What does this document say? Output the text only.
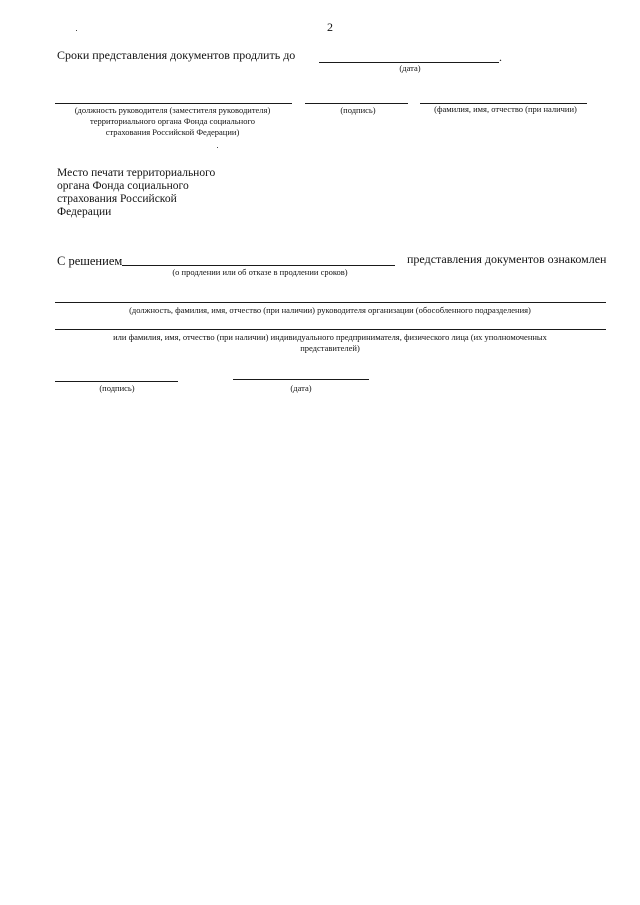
2
Сроки представления документов продлить до	.
(дата)
(должность руководителя (заместителя руководителя)
территориального органа Фонда социального
страхования Российской Федерации)
(подпись)	(фамилия, имя, отчество (при наличии)
Место печати территориального
органа Фонда социального
страхования Российской
Федерации
С решением	представления документов ознакомлен
(о продлении или об отказе в продлении сроков)
(должность, фамилия, имя, отчество (при наличии) руководителя организации (обособленного подразделения)
или фамилия, имя, отчество (при наличии) индивидуального предпринимателя, физического лица (их уполномоченных
представителей)
(подпись)	(дата)
